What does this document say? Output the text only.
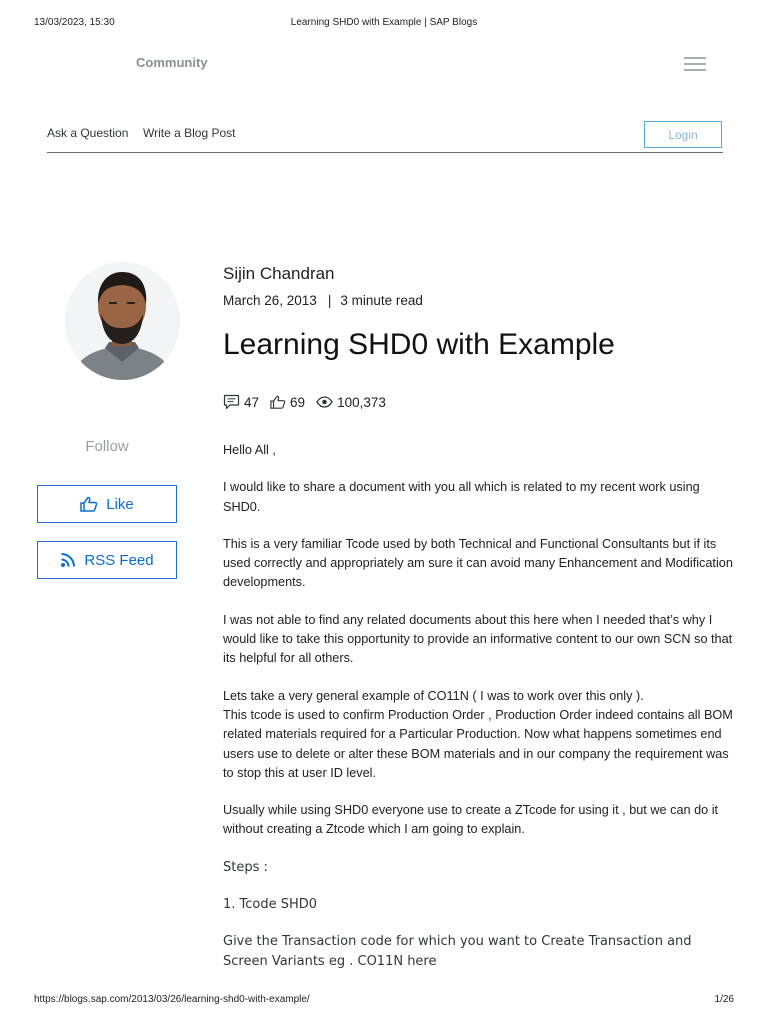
13/03/2023, 15:30	Learning SHD0 with Example | SAP Blogs
Community
Ask a Question Write a Blog Post	Login
Follow
Like
RSS Feed
Sijin Chandran
March 26, 2013 | 3 minute read
Learning SHD0 with Example
47 69 100,373

Hello All ,

I would like to share a document with you all which is related to my recent work using SHD0.

This is a very familiar Tcode used by both Technical and Functional Consultants but if its used correctly and appropriately am sure it can avoid many Enhancement and Modification developments.

I was not able to find any related documents about this here when I needed that’s why I would like to take this opportunity to provide an informative content to our own SCN so that its helpful for all others.

Lets take a very general example of CO11N ( I was to work over this only ).

This tcode is used to confirm Production Order , Production Order indeed contains all BOM related materials required for a Particular Production. Now what happens sometimes end users use to delete or alter these BOM materials and in our company the requirement was to stop this at user ID level.

Usually while using SHD0 everyone use to create a ZTcode for using it , but we can do it without creating a Ztcode which I am going to explain.

Steps :

1. Tcode SHD0

Give the Transaction code for which you want to Create Transaction and Screen Variants eg . CO11N here

https://blogs.sap.com/2013/03/26/learning-shd0-with-example/	1/26
